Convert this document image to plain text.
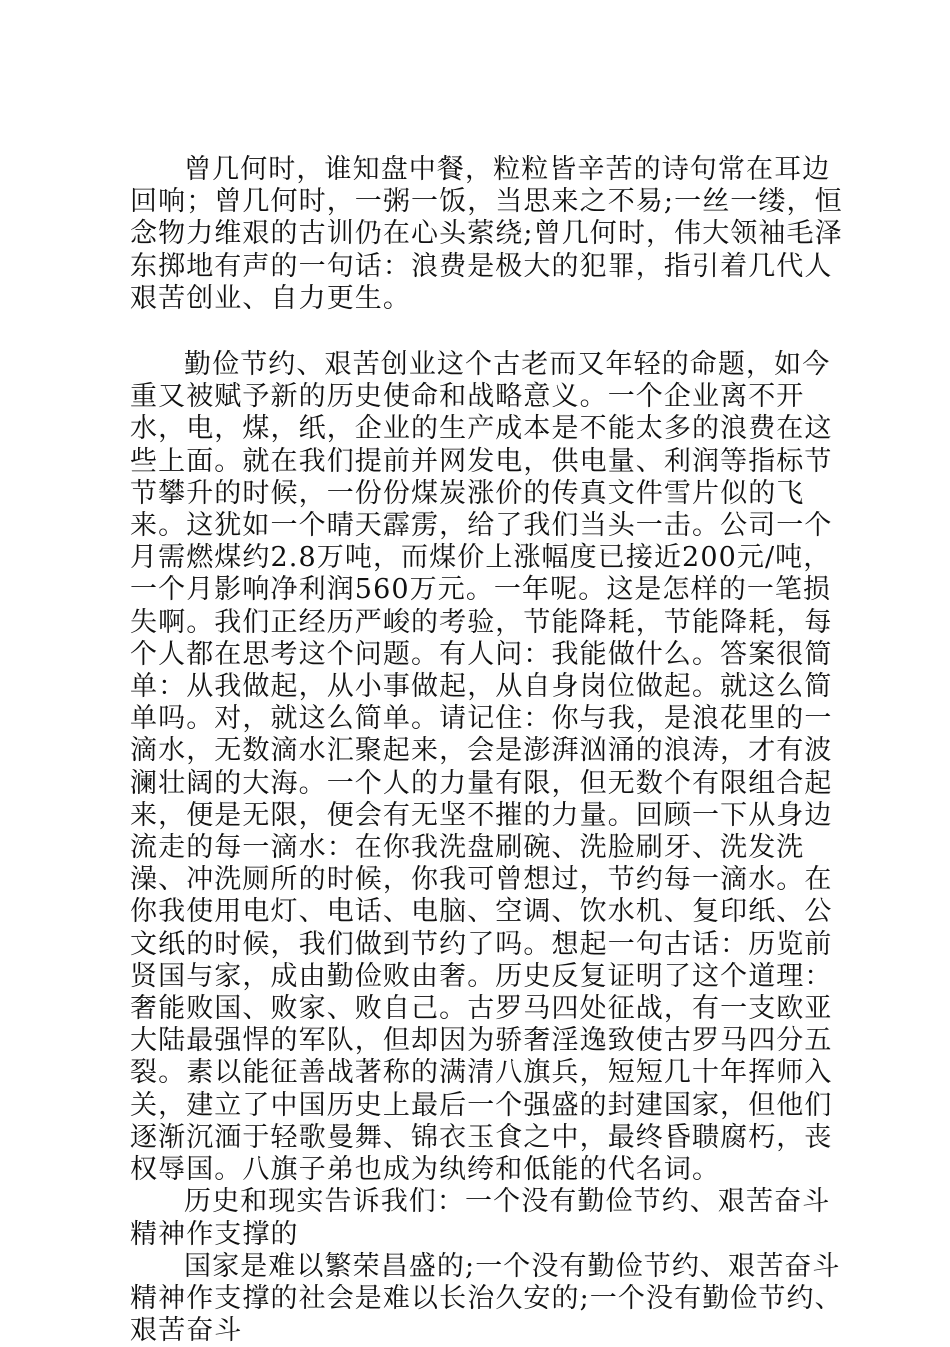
曾几何时，谁知盘中餐，粒粒皆辛苦的诗句常在耳边回响；曾几何时，一粥一饭，当思来之不易;一丝一缕，恒念物力维艰的古训仍在心头萦绕;曾几何时，伟大领袖毛泽东掷地有声的一句话：浪费是极大的犯罪，指引着几代人艰苦创业、自力更生。

勤俭节约、艰苦创业这个古老而又年轻的命题，如今重又被赋予新的历史使命和战略意义。一个企业离不开水，电，煤，纸，企业的生产成本是不能太多的浪费在这些上面。就在我们提前并网发电，供电量、利润等指标节节攀升的时候，一份份煤炭涨价的传真文件雪片似的飞来。这犹如一个晴天霹雳，给了我们当头一击。公司一个月需燃煤约2.8万吨，而煤价上涨幅度已接近200元/吨，一个月影响净利润560万元。一年呢。这是怎样的一笔损失啊。我们正经历严峻的考验，节能降耗，节能降耗，每个人都在思考这个问题。有人问：我能做什么。答案很简单：从我做起，从小事做起，从自身岗位做起。就这么简单吗。对，就这么简单。请记住：你与我，是浪花里的一滴水，无数滴水汇聚起来，会是澎湃汹涌的浪涛，才有波澜壮阔的大海。一个人的力量有限，但无数个有限组合起来，便是无限，便会有无坚不摧的力量。回顾一下从身边流走的每一滴水：在你我洗盘刷碗、洗脸刷牙、洗发洗澡、冲洗厕所的时候，你我可曾想过，节约每一滴水。在你我使用电灯、电话、电脑、空调、饮水机、复印纸、公文纸的时候，我们做到节约了吗。想起一句古话：历览前贤国与家，成由勤俭败由奢。历史反复证明了这个道理：奢能败国、败家、败自己。古罗马四处征战，有一支欧亚大陆最强悍的军队，但却因为骄奢淫逸致使古罗马四分五裂。素以能征善战著称的满清八旗兵，短短几十年挥师入关，建立了中国历史上最后一个强盛的封建国家，但他们逐渐沉湎于轻歌曼舞、锦衣玉食之中，最终昏聩腐朽，丧权辱国。八旗子弟也成为纨绔和低能的代名词。

历史和现实告诉我们：一个没有勤俭节约、艰苦奋斗精神作支撑的

国家是难以繁荣昌盛的;一个没有勤俭节约、艰苦奋斗精神作支撑的社会是难以长治久安的;一个没有勤俭节约、艰苦奋斗
